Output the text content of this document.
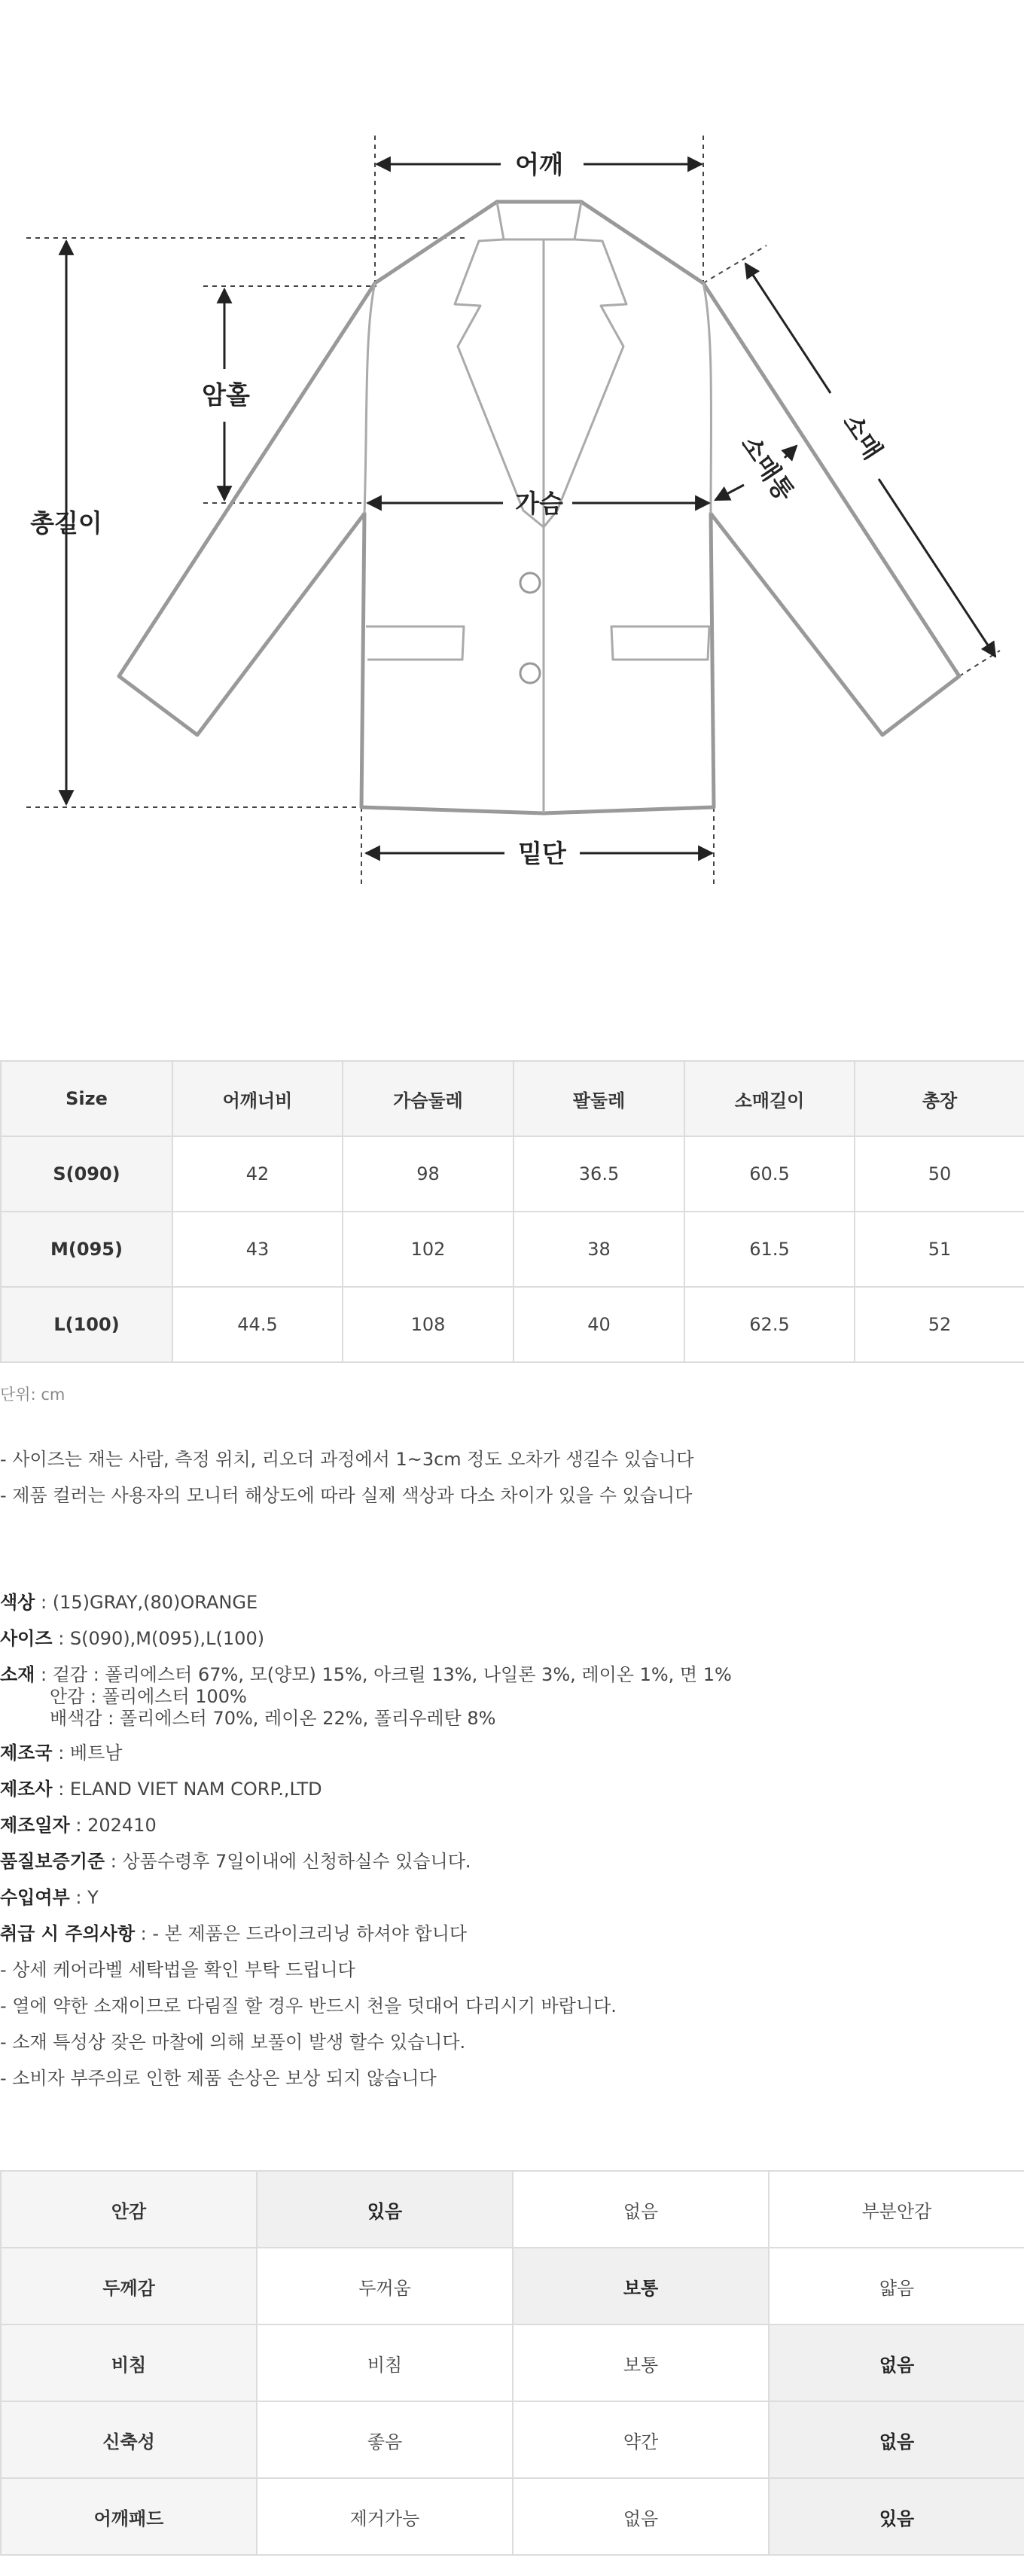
어깨
암홀
총길이
가슴
밑단
소매
소매통
Size	어깨너비	가슴둘레	팔둘레	소매길이	총장
S(090)	42	98	36.5	60.5	50
M(095)	43	102	38	61.5	51
L(100)	44.5	108	40	62.5	52
단위: cm
- 사이즈는 재는 사람, 측정 위치, 리오더 과정에서 1~3cm 정도 오차가 생길수 있습니다
- 제품 컬러는 사용자의 모니터 해상도에 따라 실제 색상과 다소 차이가 있을 수 있습니다
색상 : (15)GRAY,(80)ORANGE
사이즈 : S(090),M(095),L(100)
소재 : 겉감 : 폴리에스터 67%, 모(양모) 15%, 아크릴 13%, 나일론 3%, 레이온 1%, 면 1%
안감 : 폴리에스터 100%
배색감 : 폴리에스터 70%, 레이온 22%, 폴리우레탄 8%
제조국 : 베트남
제조사 : ELAND VIET NAM CORP.,LTD
제조일자 : 202410
품질보증기준 : 상품수령후 7일이내에 신청하실수 있습니다.
수입여부 : Y
취급 시 주의사항 : - 본 제품은 드라이크리닝 하셔야 합니다
- 상세 케어라벨 세탁법을 확인 부탁 드립니다
- 열에 약한 소재이므로 다림질 할 경우 반드시 천을 덧대어 다리시기 바랍니다.
- 소재 특성상 잦은 마찰에 의해 보풀이 발생 할수 있습니다.
- 소비자 부주의로 인한 제품 손상은 보상 되지 않습니다
안감	있음	없음	부분안감
두께감	두꺼움	보통	얇음
비침	비침	보통	없음
신축성	좋음	약간	없음
어깨패드	제거가능	없음	있음
